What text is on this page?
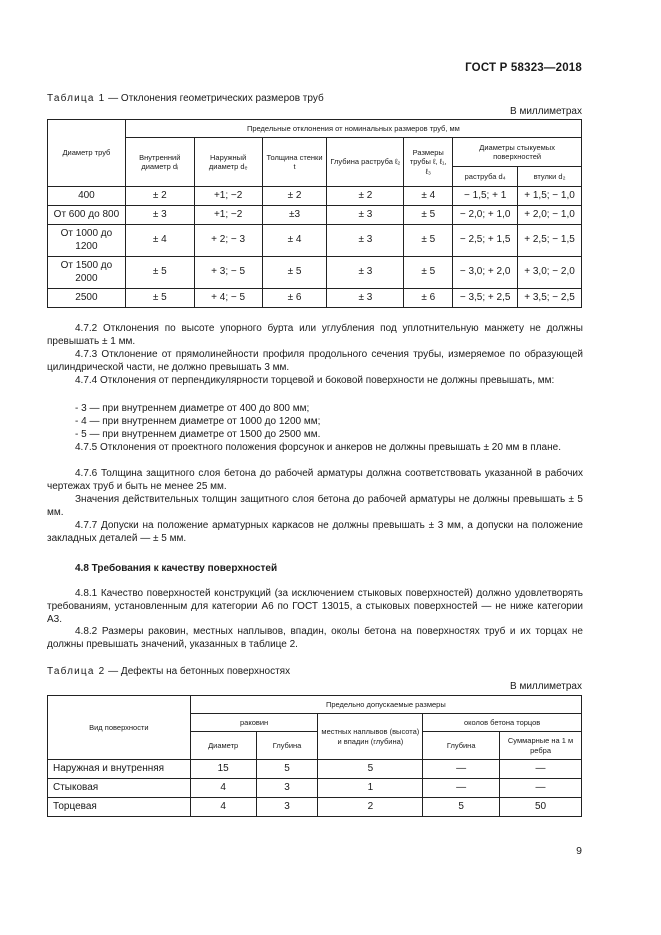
ГОСТ Р 58323—2018
Таблица 1 — Отклонения геометрических размеров труб
В миллиметрах
Диаметр труб	Предельные отклонения от номинальных размеров труб, мм						
	Внутренний диаметр dᵢ	Наружный диаметр dₑ	Толщина стенки t	Глубина раструба ℓ₂	Размеры трубы ℓ, ℓ₁, ℓ₃	Диаметры стыкуемых поверхностей	
						раструба d₄	втулки d₂
400	± 2	+1; −2	± 2	± 2	± 4	− 1,5; + 1	+ 1,5; − 1,0
От 600 до 800	± 3	+1; −2	±3	± 3	± 5	− 2,0; + 1,0	+ 2,0; − 1,0
От 1000 до 1200	± 4	+ 2; − 3	± 4	± 3	± 5	− 2,5; + 1,5	+ 2,5; − 1,5
От 1500 до 2000	± 5	+ 3; − 5	± 5	± 3	± 5	− 3,0; + 2,0	+ 3,0; − 2,0
2500	± 5	+ 4; − 5	± 6	± 3	± 6	− 3,5; + 2,5	+ 3,5; − 2,5
4.7.2 Отклонения по высоте упорного бурта или углубления под уплотнительную манжету не должны превышать ± 1 мм.
4.7.3 Отклонение от прямолинейности профиля продольного сечения трубы, измеряемое по образующей цилиндрической части, не должно превышать 3 мм.
4.7.4 Отклонения от перпендикулярности торцевой и боковой поверхности не должны превышать, мм:
- 3 — при внутреннем диаметре от 400 до 800 мм;
- 4 — при внутреннем диаметре от 1000 до 1200 мм;
- 5 — при внутреннем диаметре от 1500 до 2500 мм.
4.7.5 Отклонения от проектного положения форсунок и анкеров не должны превышать ± 20 мм в плане.
4.7.6 Толщина защитного слоя бетона до рабочей арматуры должна соответствовать указанной в рабочих чертежах труб и быть не менее 25 мм.
Значения действительных толщин защитного слоя бетона до рабочей арматуры не должны превышать ± 5 мм.
4.7.7 Допуски на положение арматурных каркасов не должны превышать ± 3 мм, а допуски на положение закладных деталей — ± 5 мм.
4.8 Требования к качеству поверхностей
4.8.1 Качество поверхностей конструкций (за исключением стыковых поверхностей) должно удовлетворять требованиям, установленным для категории А6 по ГОСТ 13015, а стыковых поверхностей — не ниже категории А3.
4.8.2 Размеры раковин, местных наплывов, впадин, околы бетона на поверхностях труб и их торцах не должны превышать значений, указанных в таблице 2.
Таблица 2 — Дефекты на бетонных поверхностях
В миллиметрах
Вид поверхности	Предельно допускаемые размеры				
	раковин		местных наплывов (высота) и впадин (глубина)	околов бетона торцов	
	Диаметр	Глубина		Глубина	Суммарные на 1 м ребра
Наружная и внутренняя	15	5	5	—	—
Стыковая	4	3	1	—	—
Торцевая	4	3	2	5	50
9
